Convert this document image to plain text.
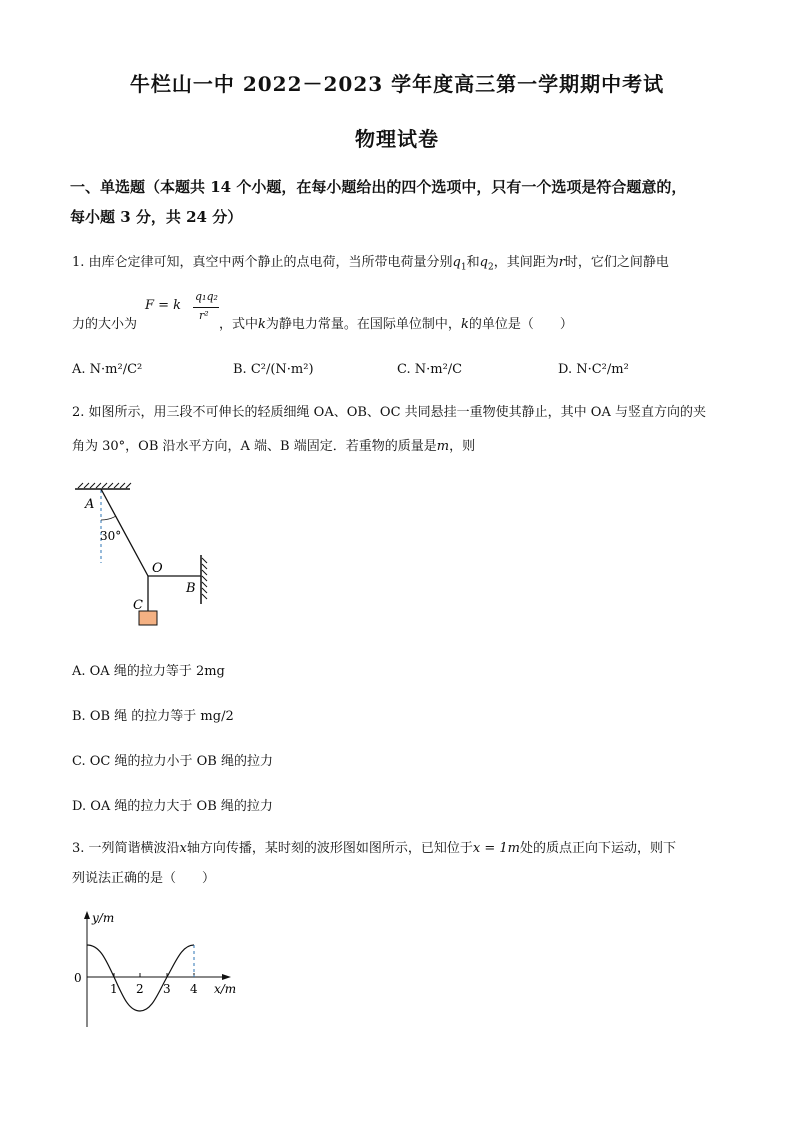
牛栏山一中 2022－2023 学年度高三第一学期期中考试
物理试卷
一、单选题（本题共 14 个小题，在每小题给出的四个选项中，只有一个选项是符合题意的，
每小题 3 分，共 24 分）
1. 由库仑定律可知，真空中两个静止的点电荷，当所带电荷量分别$q_1$和$q_2$，其间距为r时，它们之间静电
F = k
q₁q₂
r²
力的大小为	，式中k为静电力常量。在国际单位制中，k的单位是（　　）
A. N·m²/C²	B. C²/(N·m²)	C. N·m²/C	D. N·C²/m²
2. 如图所示，用三段不可伸长的轻质细绳 OA、OB、OC 共同悬挂一重物使其静止，其中 OA 与竖直方向的夹
角为 30°，OB 沿水平方向，A 端、B 端固定．若重物的质量是m，则
A
30°
O
B
C
A. OA 绳的拉力等于 2mg
B. OB 绳 的拉力等于 mg/2
C. OC 绳的拉力小于 OB 绳的拉力
D. OA 绳的拉力大于 OB 绳的拉力
3. 一列简谐横波沿x轴方向传播，某时刻的波形图如图所示，已知位于x = 1m处的质点正向下运动，则下
列说法正确的是（　　）
y/m
0
1 2 3 4 x/m
